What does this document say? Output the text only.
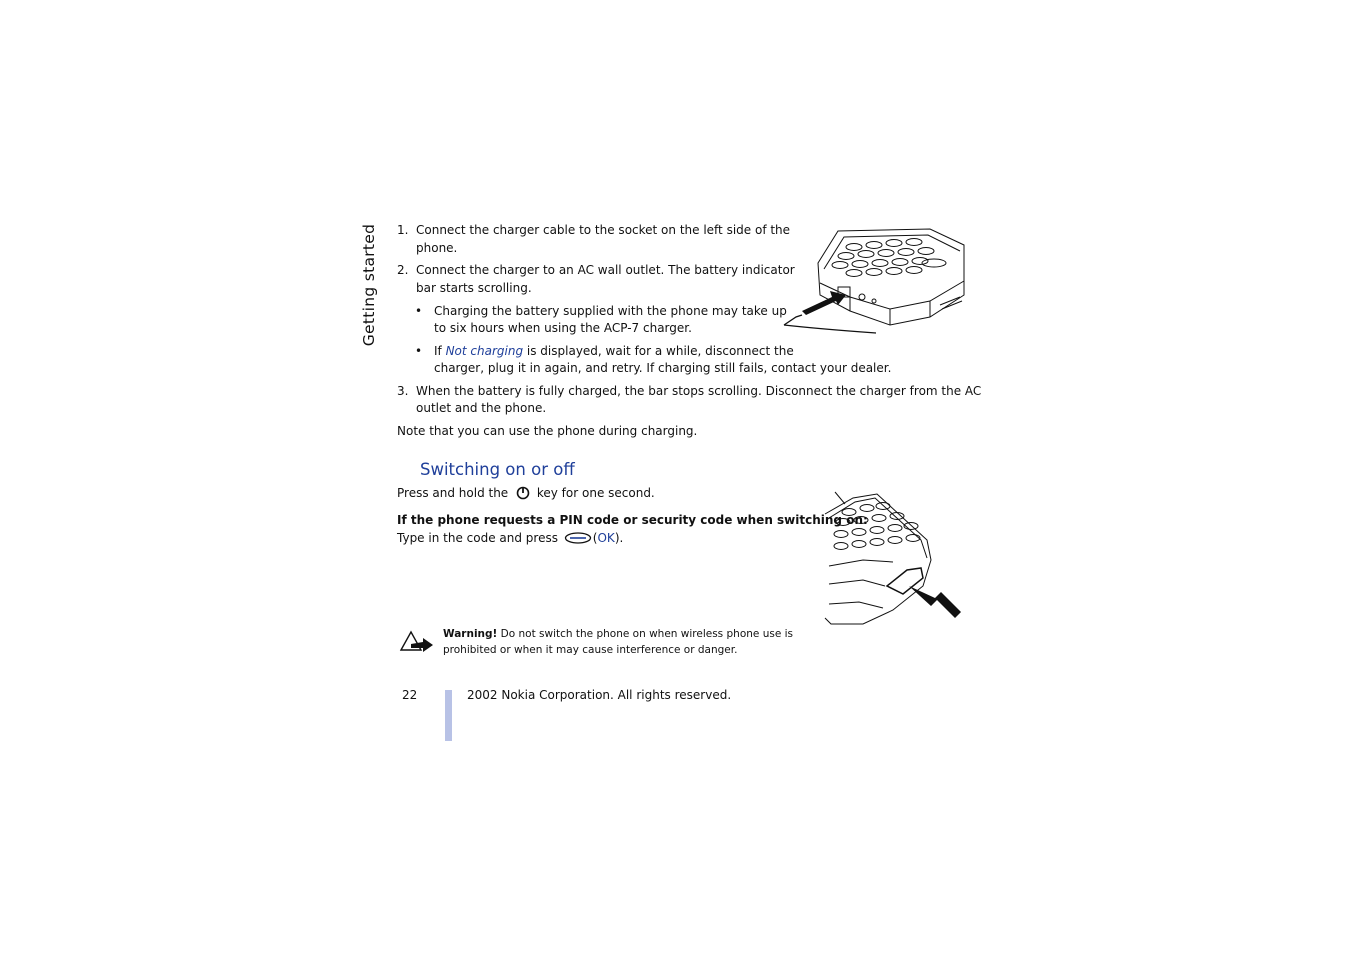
Getting started 1. Connect the charger cable to the socket on the left side of the
phone.
2. Connect the charger to an AC wall outlet. The battery indicator
bar starts scrolling.
• Charging the battery supplied with the phone may take up
to six hours when using the ACP-7 charger.
• If Not charging is displayed, wait for a while, disconnect the
charger, plug it in again, and retry. If charging still fails, contact your dealer.
3. When the battery is fully charged, the bar stops scrolling. Disconnect the charger from the AC
outlet and the phone.
Note that you can use the phone during charging.
Switching on or off
Press and hold the key for one second.
If the phone requests a PIN code or security code when switching on:
Type in the code and press	(OK).
Warning! Do not switch the phone on when wireless phone use is
prohibited or when it may cause interference or danger.
22	2002 Nokia Corporation. All rights reserved.
